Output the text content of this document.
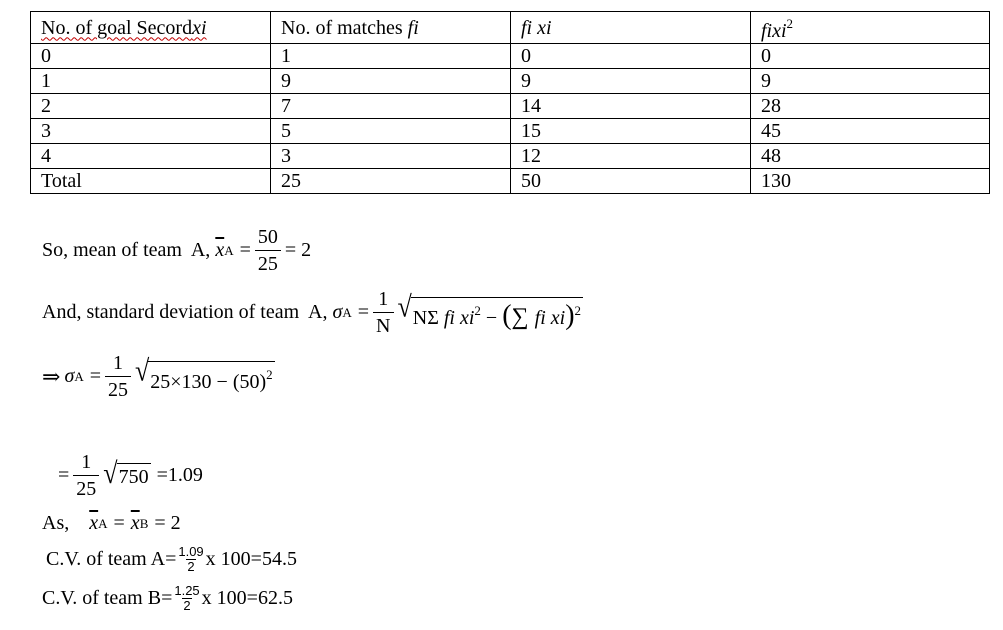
No. of goal Secordxi	No. of matches fi	fi xi	fixi$^2$
0	1	0	0
1	9	9	9
2	7	14	28
3	5	15	45
4	3	12	48
Total	25	50	130
So, mean of team  A, $\overline{x}$ $A = \frac{50}{25} = 2$
And, standard deviation of team  A, σ $A = \frac{1}{N}$ √ NΣ fi $xi^2$ − (∑ fi xi)$^2$
⇒ σ $A = \frac{1}{25}$ √ $25\times 130 - (50)^2$
= $\frac{1}{25}$ √ 750 =1.09
As, $\overline{x}$ $A = \overline{x}$ B = 2
C.V. of team $A= \frac{1.09}{2}$ x 100=54.5
C.V. of team $B= \frac{1.25}{2}$ x 100=62.5
